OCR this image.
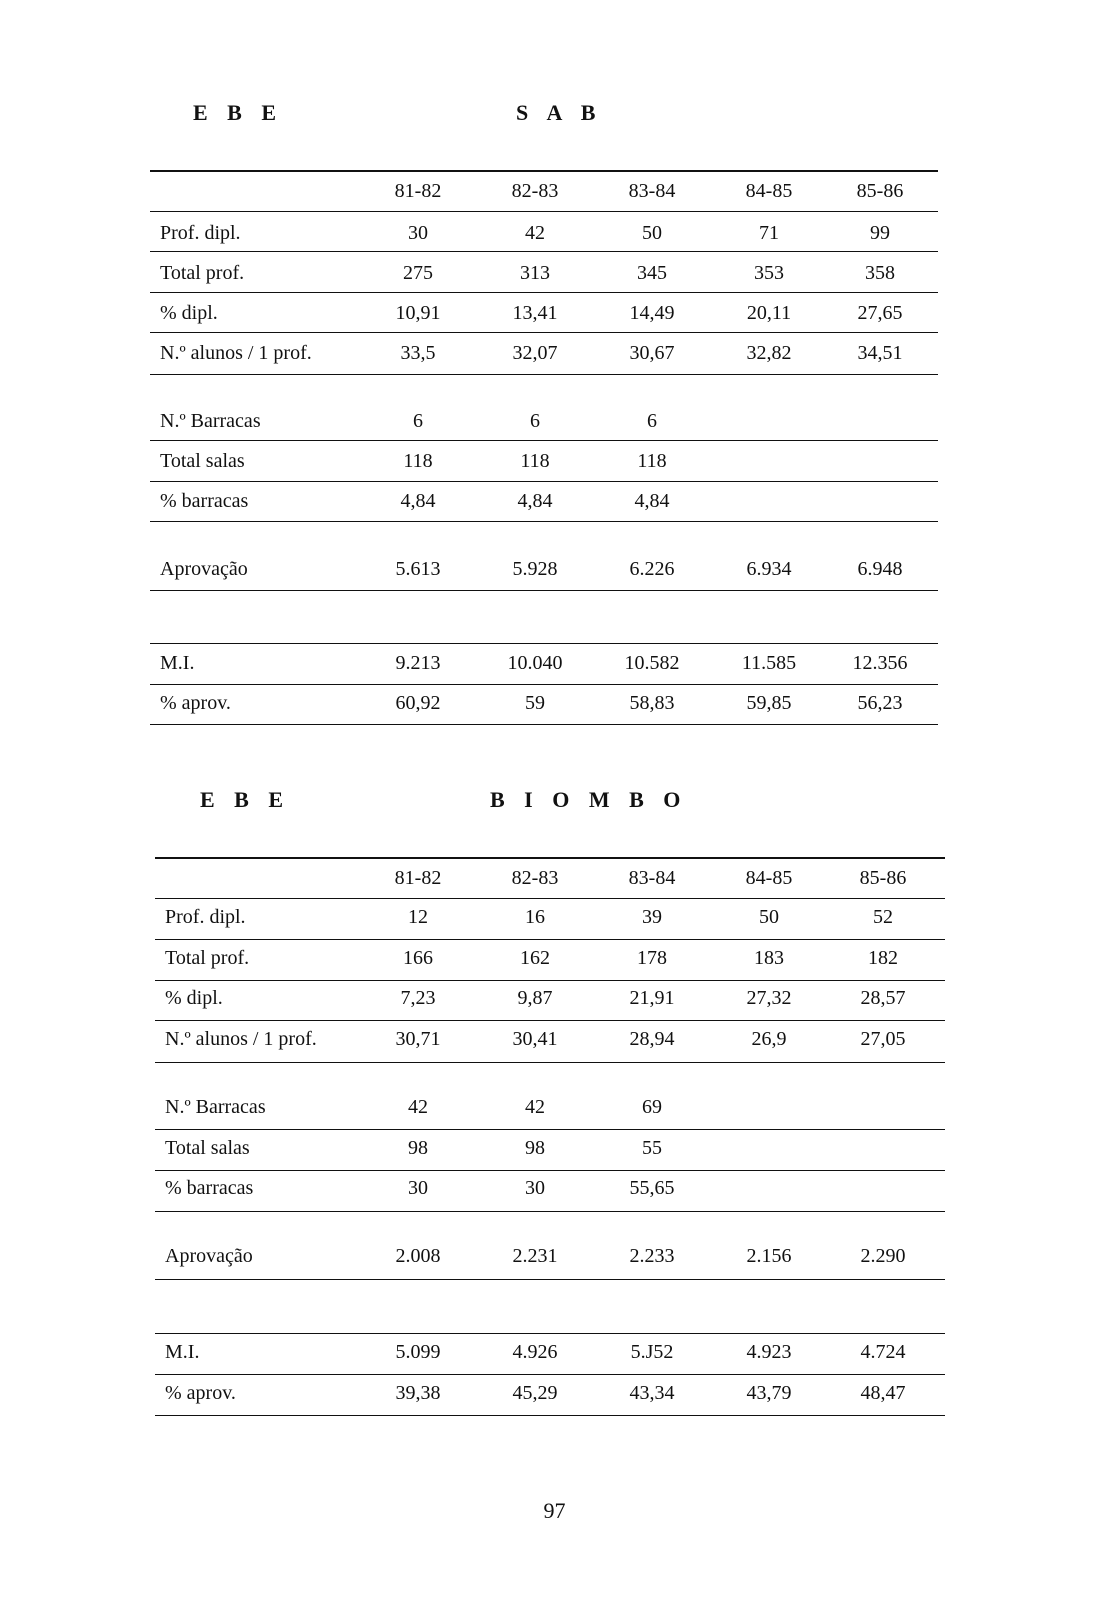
E B E	S A B
81-82	82-83	83-84	84-85	85-86
Prof. dipl.	30	42	50	71	99
Total prof.	275	313	345	353	358
% dipl.	10,91	13,41	14,49	20,11	27,65
N.º alunos / 1 prof.	33,5	32,07	30,67	32,82	34,51
N.º Barracas	6	6	6
Total salas	118	118	118
% barracas	4,84	4,84	4,84
Aprovação	5.613	5.928	6.226	6.934	6.948
M.I.	9.213	10.040	10.582	11.585	12.356
% aprov.	60,92	59	58,83	59,85	56,23
E B E	B I O M B O
81-82	82-83	83-84	84-85	85-86
Prof. dipl.	12	16	39	50	52
Total prof.	166	162	178	183	182
% dipl.	7,23	9,87	21,91	27,32	28,57
N.º alunos / 1 prof.	30,71	30,41	28,94	26,9	27,05
N.º Barracas	42	42	69
Total salas	98	98	55
% barracas	30	30	55,65
Aprovação	2.008	2.231	2.233	2.156	2.290
M.I.	5.099	4.926	5.J52	4.923	4.724
% aprov.	39,38	45,29	43,34	43,79	48,47
97
